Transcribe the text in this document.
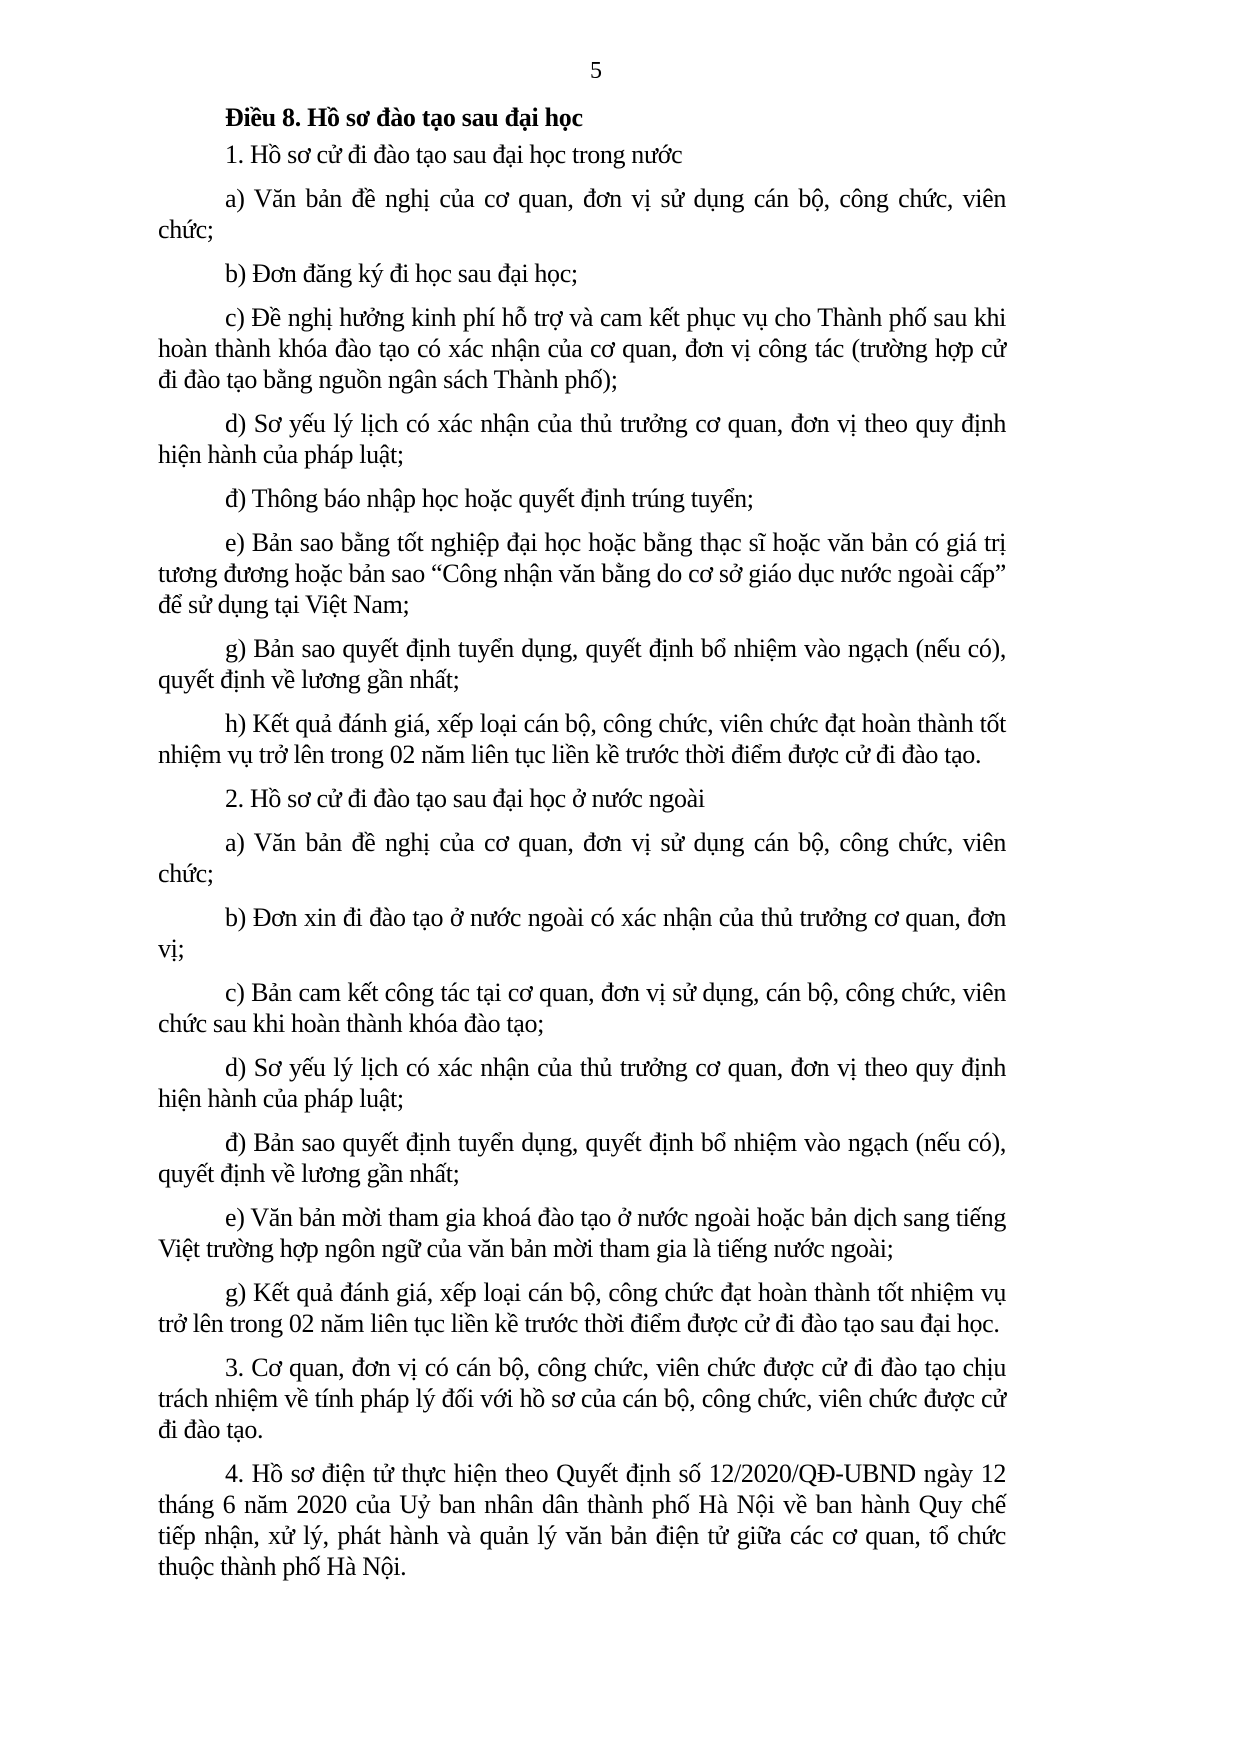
5
Điều 8. Hồ sơ đào tạo sau đại học

1. Hồ sơ cử đi đào tạo sau đại học trong nước

a) Văn bản đề nghị của cơ quan, đơn vị sử dụng cán bộ, công chức, viên chức;

b) Đơn đăng ký đi học sau đại học;

c) Đề nghị hưởng kinh phí hỗ trợ và cam kết phục vụ cho Thành phố sau khi hoàn thành khóa đào tạo có xác nhận của cơ quan, đơn vị công tác (trường hợp cử đi đào tạo bằng nguồn ngân sách Thành phố);

d) Sơ yếu lý lịch có xác nhận của thủ trưởng cơ quan, đơn vị theo quy định hiện hành của pháp luật;

đ) Thông báo nhập học hoặc quyết định trúng tuyển;

e) Bản sao bằng tốt nghiệp đại học hoặc bằng thạc sĩ hoặc văn bản có giá trị tương đương hoặc bản sao “Công nhận văn bằng do cơ sở giáo dục nước ngoài cấp” để sử dụng tại Việt Nam;

g) Bản sao quyết định tuyển dụng, quyết định bổ nhiệm vào ngạch (nếu có), quyết định về lương gần nhất;

h) Kết quả đánh giá, xếp loại cán bộ, công chức, viên chức đạt hoàn thành tốt nhiệm vụ trở lên trong 02 năm liên tục liền kề trước thời điểm được cử đi đào tạo.

2. Hồ sơ cử đi đào tạo sau đại học ở nước ngoài

a) Văn bản đề nghị của cơ quan, đơn vị sử dụng cán bộ, công chức, viên chức;

b) Đơn xin đi đào tạo ở nước ngoài có xác nhận của thủ trưởng cơ quan, đơn vị;

c) Bản cam kết công tác tại cơ quan, đơn vị sử dụng, cán bộ, công chức, viên chức sau khi hoàn thành khóa đào tạo;

d) Sơ yếu lý lịch có xác nhận của thủ trưởng cơ quan, đơn vị theo quy định hiện hành của pháp luật;

đ) Bản sao quyết định tuyển dụng, quyết định bổ nhiệm vào ngạch (nếu có), quyết định về lương gần nhất;

e) Văn bản mời tham gia khoá đào tạo ở nước ngoài hoặc bản dịch sang tiếng Việt trường hợp ngôn ngữ của văn bản mời tham gia là tiếng nước ngoài;

g) Kết quả đánh giá, xếp loại cán bộ, công chức đạt hoàn thành tốt nhiệm vụ trở lên trong 02 năm liên tục liền kề trước thời điểm được cử đi đào tạo sau đại học.

3. Cơ quan, đơn vị có cán bộ, công chức, viên chức được cử đi đào tạo chịu trách nhiệm về tính pháp lý đối với hồ sơ của cán bộ, công chức, viên chức được cử đi đào tạo.

4. Hồ sơ điện tử thực hiện theo Quyết định số 12/2020/QĐ-UBND ngày 12 tháng 6 năm 2020 của Uỷ ban nhân dân thành phố Hà Nội về ban hành Quy chế tiếp nhận, xử lý, phát hành và quản lý văn bản điện tử giữa các cơ quan, tổ chức thuộc thành phố Hà Nội.
